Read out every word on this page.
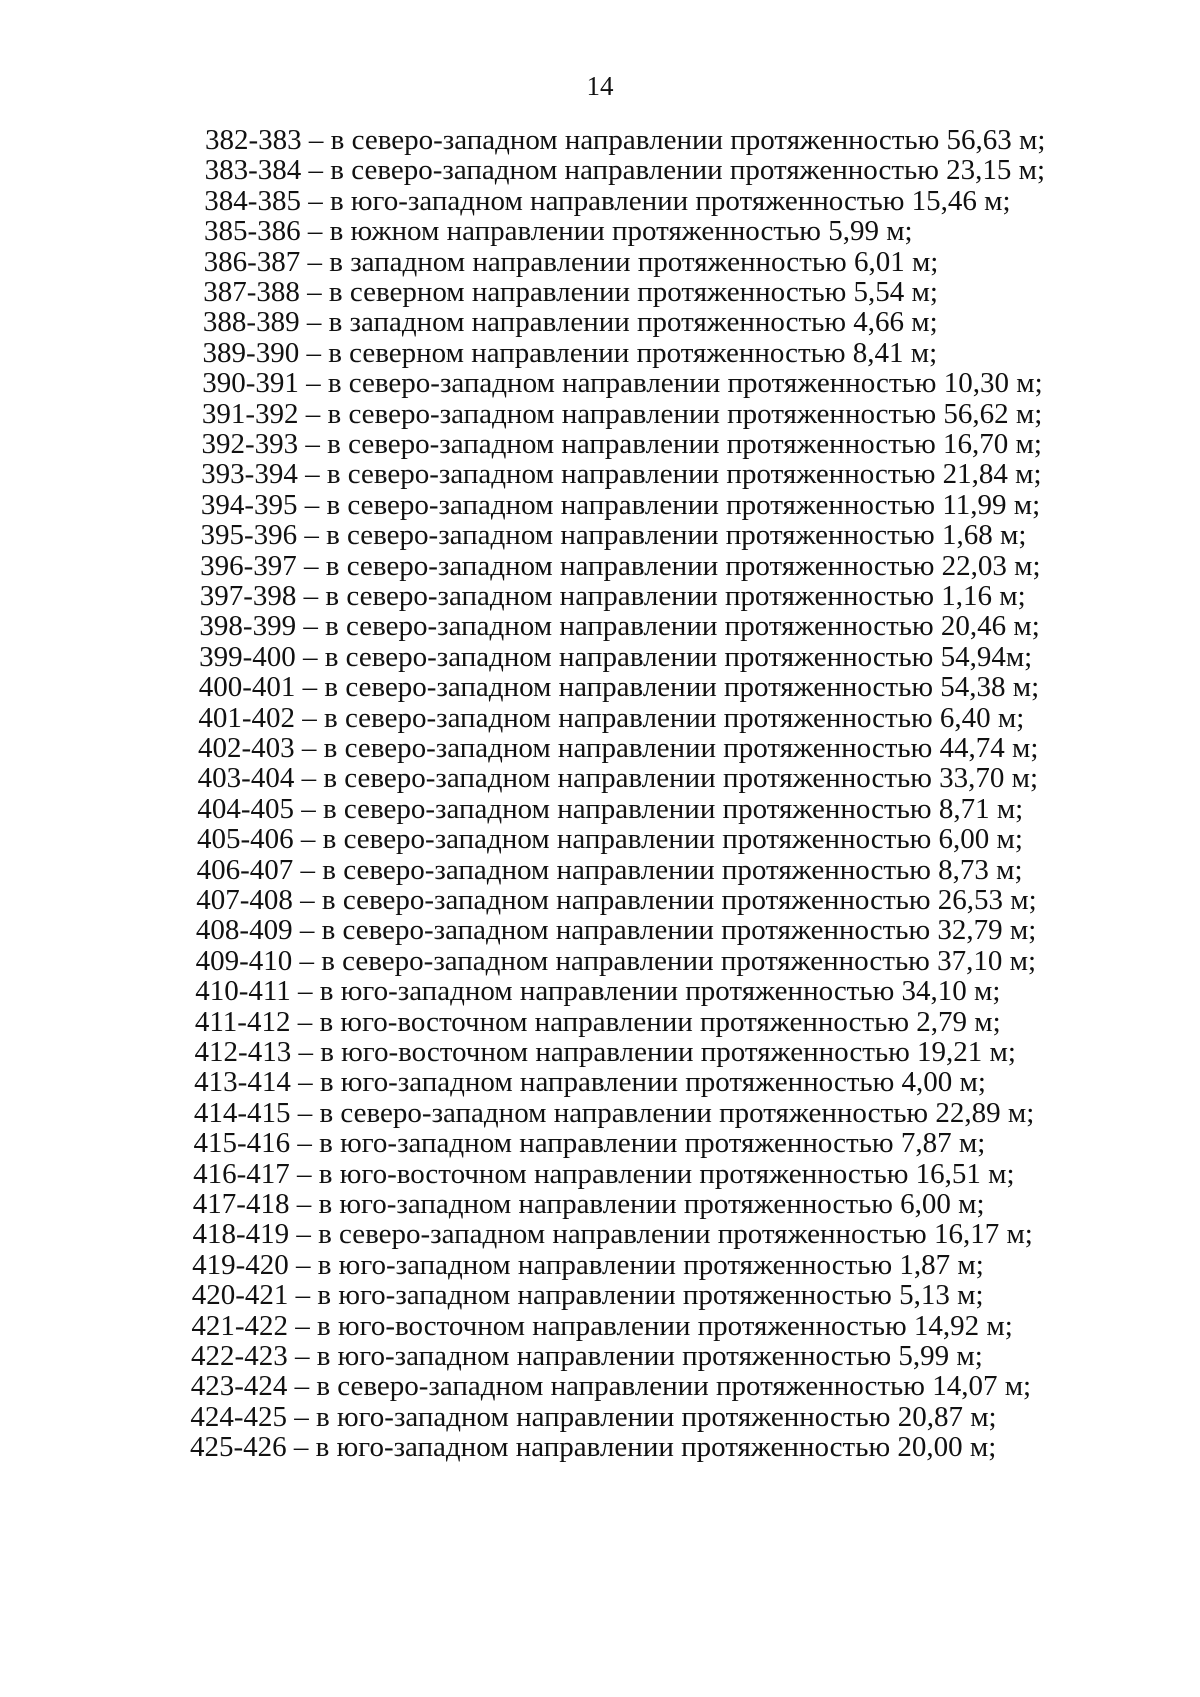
14
382-383 – в северо-западном направлении протяженностью 56,63 м;
383-384 – в северо-западном направлении протяженностью 23,15 м;
384-385 – в юго-западном направлении протяженностью 15,46 м;
385-386 – в южном направлении протяженностью 5,99 м;
386-387 – в западном направлении протяженностью 6,01 м;
387-388 – в северном направлении протяженностью 5,54 м;
388-389 – в западном направлении протяженностью 4,66 м;
389-390 – в северном направлении протяженностью 8,41 м;
390-391 – в северо-западном направлении протяженностью 10,30 м;
391-392 – в северо-западном направлении протяженностью 56,62 м;
392-393 – в северо-западном направлении протяженностью 16,70 м;
393-394 – в северо-западном направлении протяженностью 21,84 м;
394-395 – в северо-западном направлении протяженностью 11,99 м;
395-396 – в северо-западном направлении протяженностью 1,68 м;
396-397 – в северо-западном направлении протяженностью 22,03 м;
397-398 – в северо-западном направлении протяженностью 1,16 м;
398-399 – в северо-западном направлении протяженностью 20,46 м;
399-400 – в северо-западном направлении протяженностью 54,94м;
400-401 – в северо-западном направлении протяженностью 54,38 м;
401-402 – в северо-западном направлении протяженностью 6,40 м;
402-403 – в северо-западном направлении протяженностью 44,74 м;
403-404 – в северо-западном направлении протяженностью 33,70 м;
404-405 – в северо-западном направлении протяженностью 8,71 м;
405-406 – в северо-западном направлении протяженностью 6,00 м;
406-407 – в северо-западном направлении протяженностью 8,73 м;
407-408 – в северо-западном направлении протяженностью 26,53 м;
408-409 – в северо-западном направлении протяженностью 32,79 м;
409-410 – в северо-западном направлении протяженностью 37,10 м;
410-411 – в юго-западном направлении протяженностью 34,10 м;
411-412 – в юго-восточном направлении протяженностью 2,79 м;
412-413 – в юго-восточном направлении протяженностью 19,21 м;
413-414 – в юго-западном направлении протяженностью 4,00 м;
414-415 – в северо-западном направлении протяженностью 22,89 м;
415-416 – в юго-западном направлении протяженностью 7,87 м;
416-417 – в юго-восточном направлении протяженностью 16,51 м;
417-418 – в юго-западном направлении протяженностью 6,00 м;
418-419 – в северо-западном направлении протяженностью 16,17 м;
419-420 – в юго-западном направлении протяженностью 1,87 м;
420-421 – в юго-западном направлении протяженностью 5,13 м;
421-422 – в юго-восточном направлении протяженностью 14,92 м;
422-423 – в юго-западном направлении протяженностью 5,99 м;
423-424 – в северо-западном направлении протяженностью 14,07 м;
424-425 – в юго-западном направлении протяженностью 20,87 м;
425-426 – в юго-западном направлении протяженностью 20,00 м;
